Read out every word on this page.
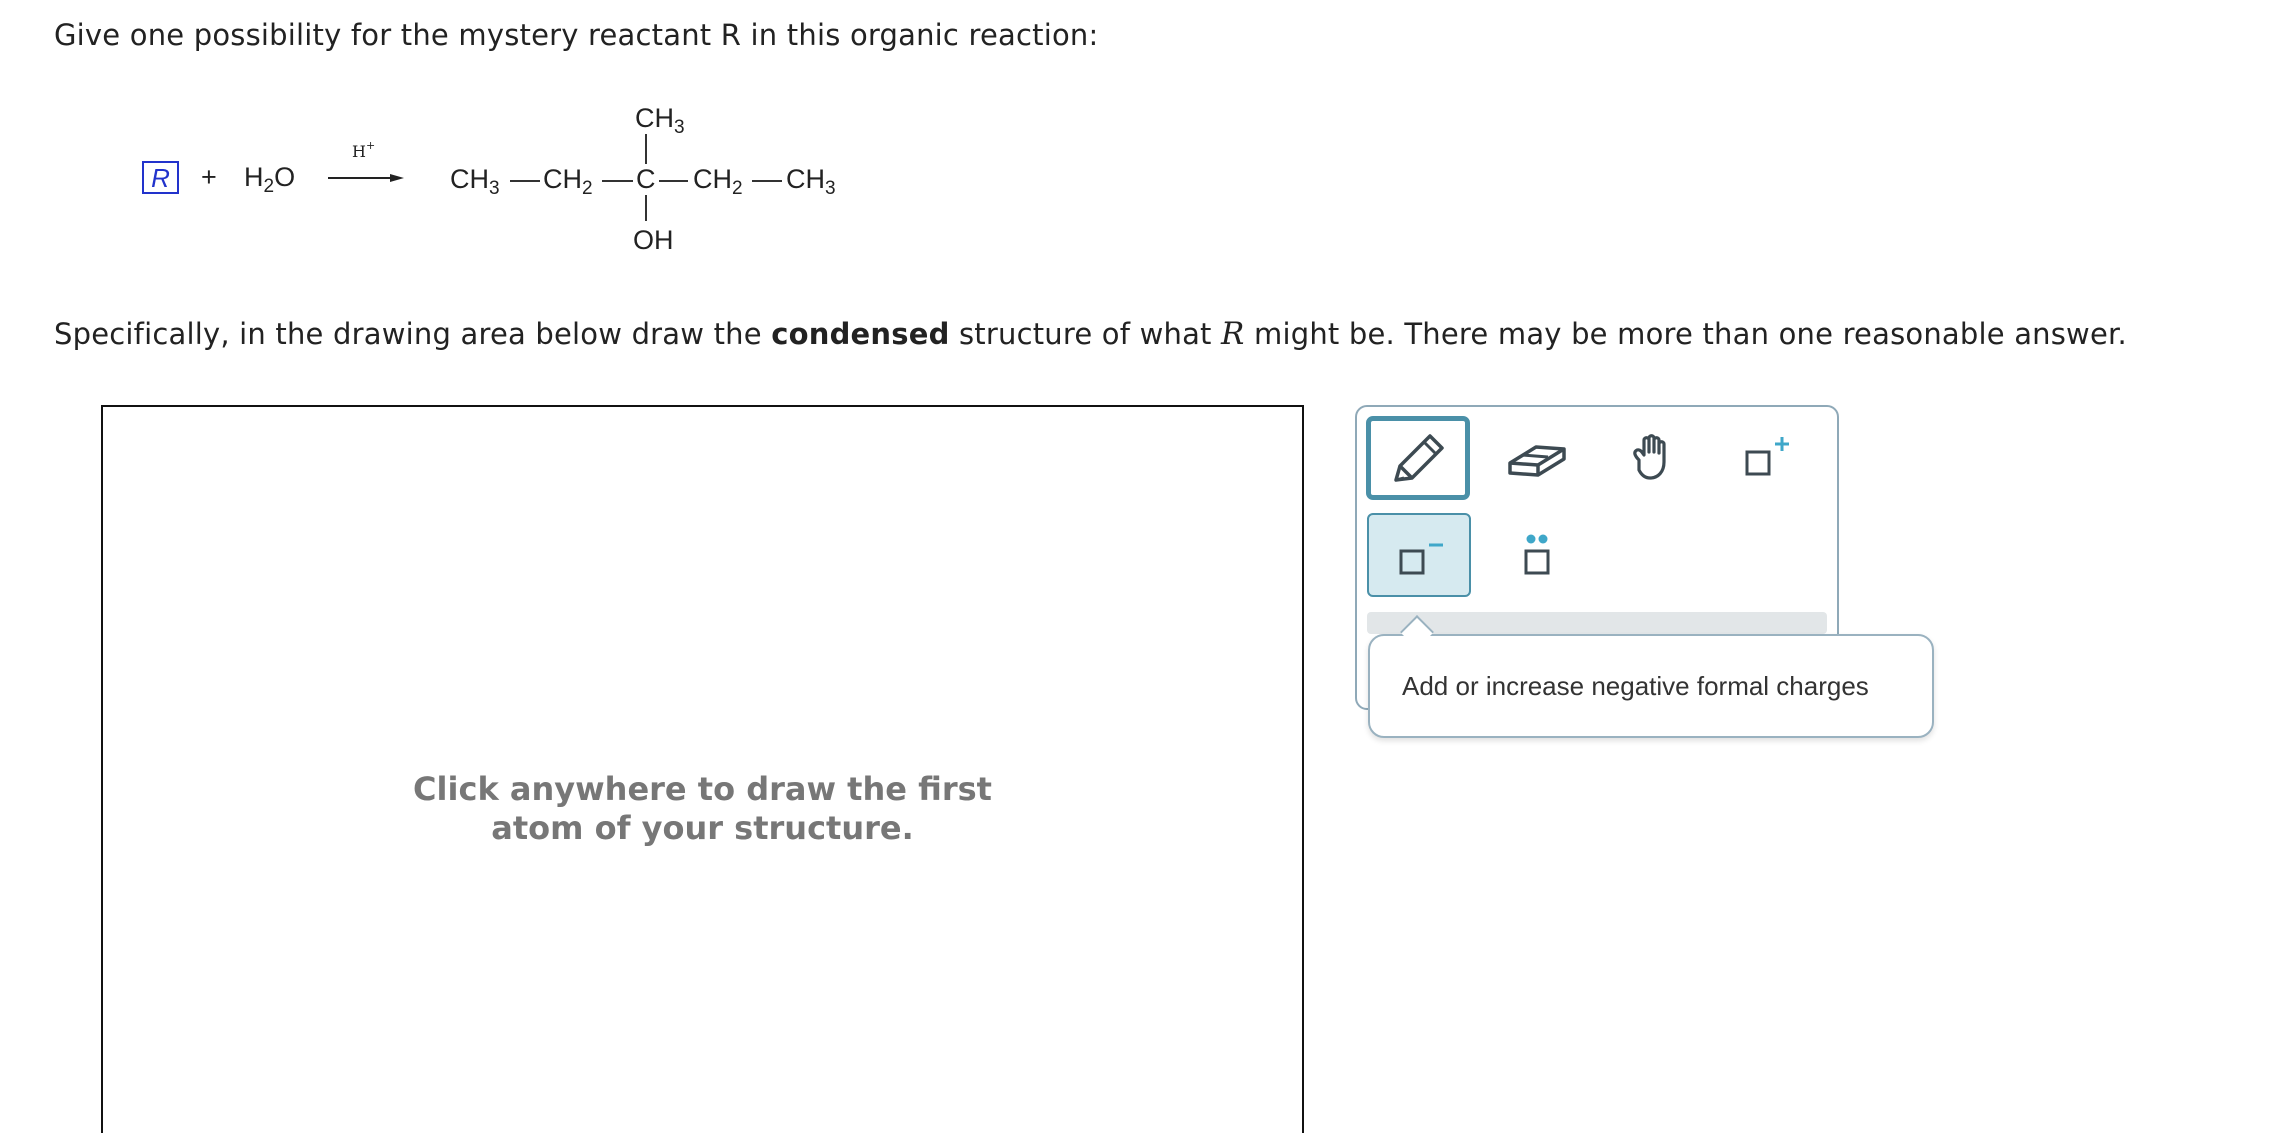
Give one possibility for the mystery reactant R in this organic reaction:
R	+ $H_2O$
H+
$CH_3$ $CH_2$ C $CH_2$ $CH_3$
$CH_3$
OH
Specifically, in the drawing area below draw the condensed structure of what R might be. There may be more than one reasonable answer.
Click anywhere to draw the first
atom of your structure.
Add or increase negative formal charges
